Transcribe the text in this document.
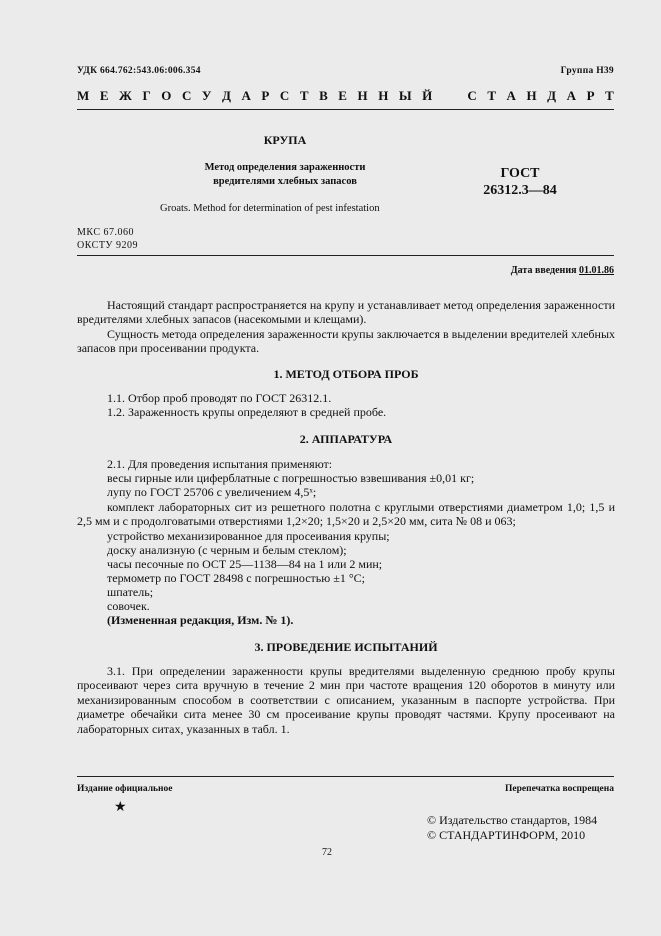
УДК 664.762:543.06:006.354	Группа Н39
М Е Ж Г О С У Д А Р С Т В Е Н Н Ы Й	С Т А Н Д А Р Т
КРУПА
Метод определения зараженности
вредителями хлебных запасов
Groats. Method for determination of pest infestation
ГОСТ
26312.3—84
МКС 67.060
ОКСТУ 9209
Дата введения 01.01.86

Настоящий стандарт распространяется на крупу и устанавливает метод определения зараженности вредителями хлебных запасов (насекомыми и клещами).

Сущность метода определения зараженности крупы заключается в выделении вредителей хлебных запасов при просеивании продукта.

1. МЕТОД ОТБОРА ПРОБ
1.1. Отбор проб проводят по ГОСТ 26312.1.
1.2. Зараженность крупы определяют в средней пробе.
2. АППАРАТУРА
2.1. Для проведения испытания применяют:
весы гирные или циферблатные с погрешностью взвешивания ±0,01 кг;
лупу по ГОСТ 25706 с увеличением 4,5ˣ;

комплект лабораторных сит из решетного полотна с круглыми отверстиями диаметром 1,0; 1,5 и 2,5 мм и с продолговатыми отверстиями 1,2×20; 1,5×20 и 2,5×20 мм, сита № 08 и 063;

устройство механизированное для просеивания крупы;
доску анализную (с черным и белым стеклом);
часы песочные по ОСТ 25—1138—84 на 1 или 2 мин;
термометр по ГОСТ 28498 с погрешностью ±1 °С;
шпатель;
совочек.
(Измененная редакция, Изм. № 1).
3. ПРОВЕДЕНИЕ ИСПЫТАНИЙ

3.1. При определении зараженности крупы вредителями выделенную среднюю пробу крупы просеивают через сита вручную в течение 2 мин при частоте вращения 120 оборотов в минуту или механизированным способом в соответствии с описанием, указанным в паспорте устройства. При диаметре обечайки сита менее 30 см просеивание крупы проводят частями. Крупу просеивают на лабораторных ситах, указанных в табл. 1.

Издание официальное	Перепечатка воспрещена
★
© Издательство стандартов, 1984
© СТАНДАРТИНФОРМ, 2010
72
